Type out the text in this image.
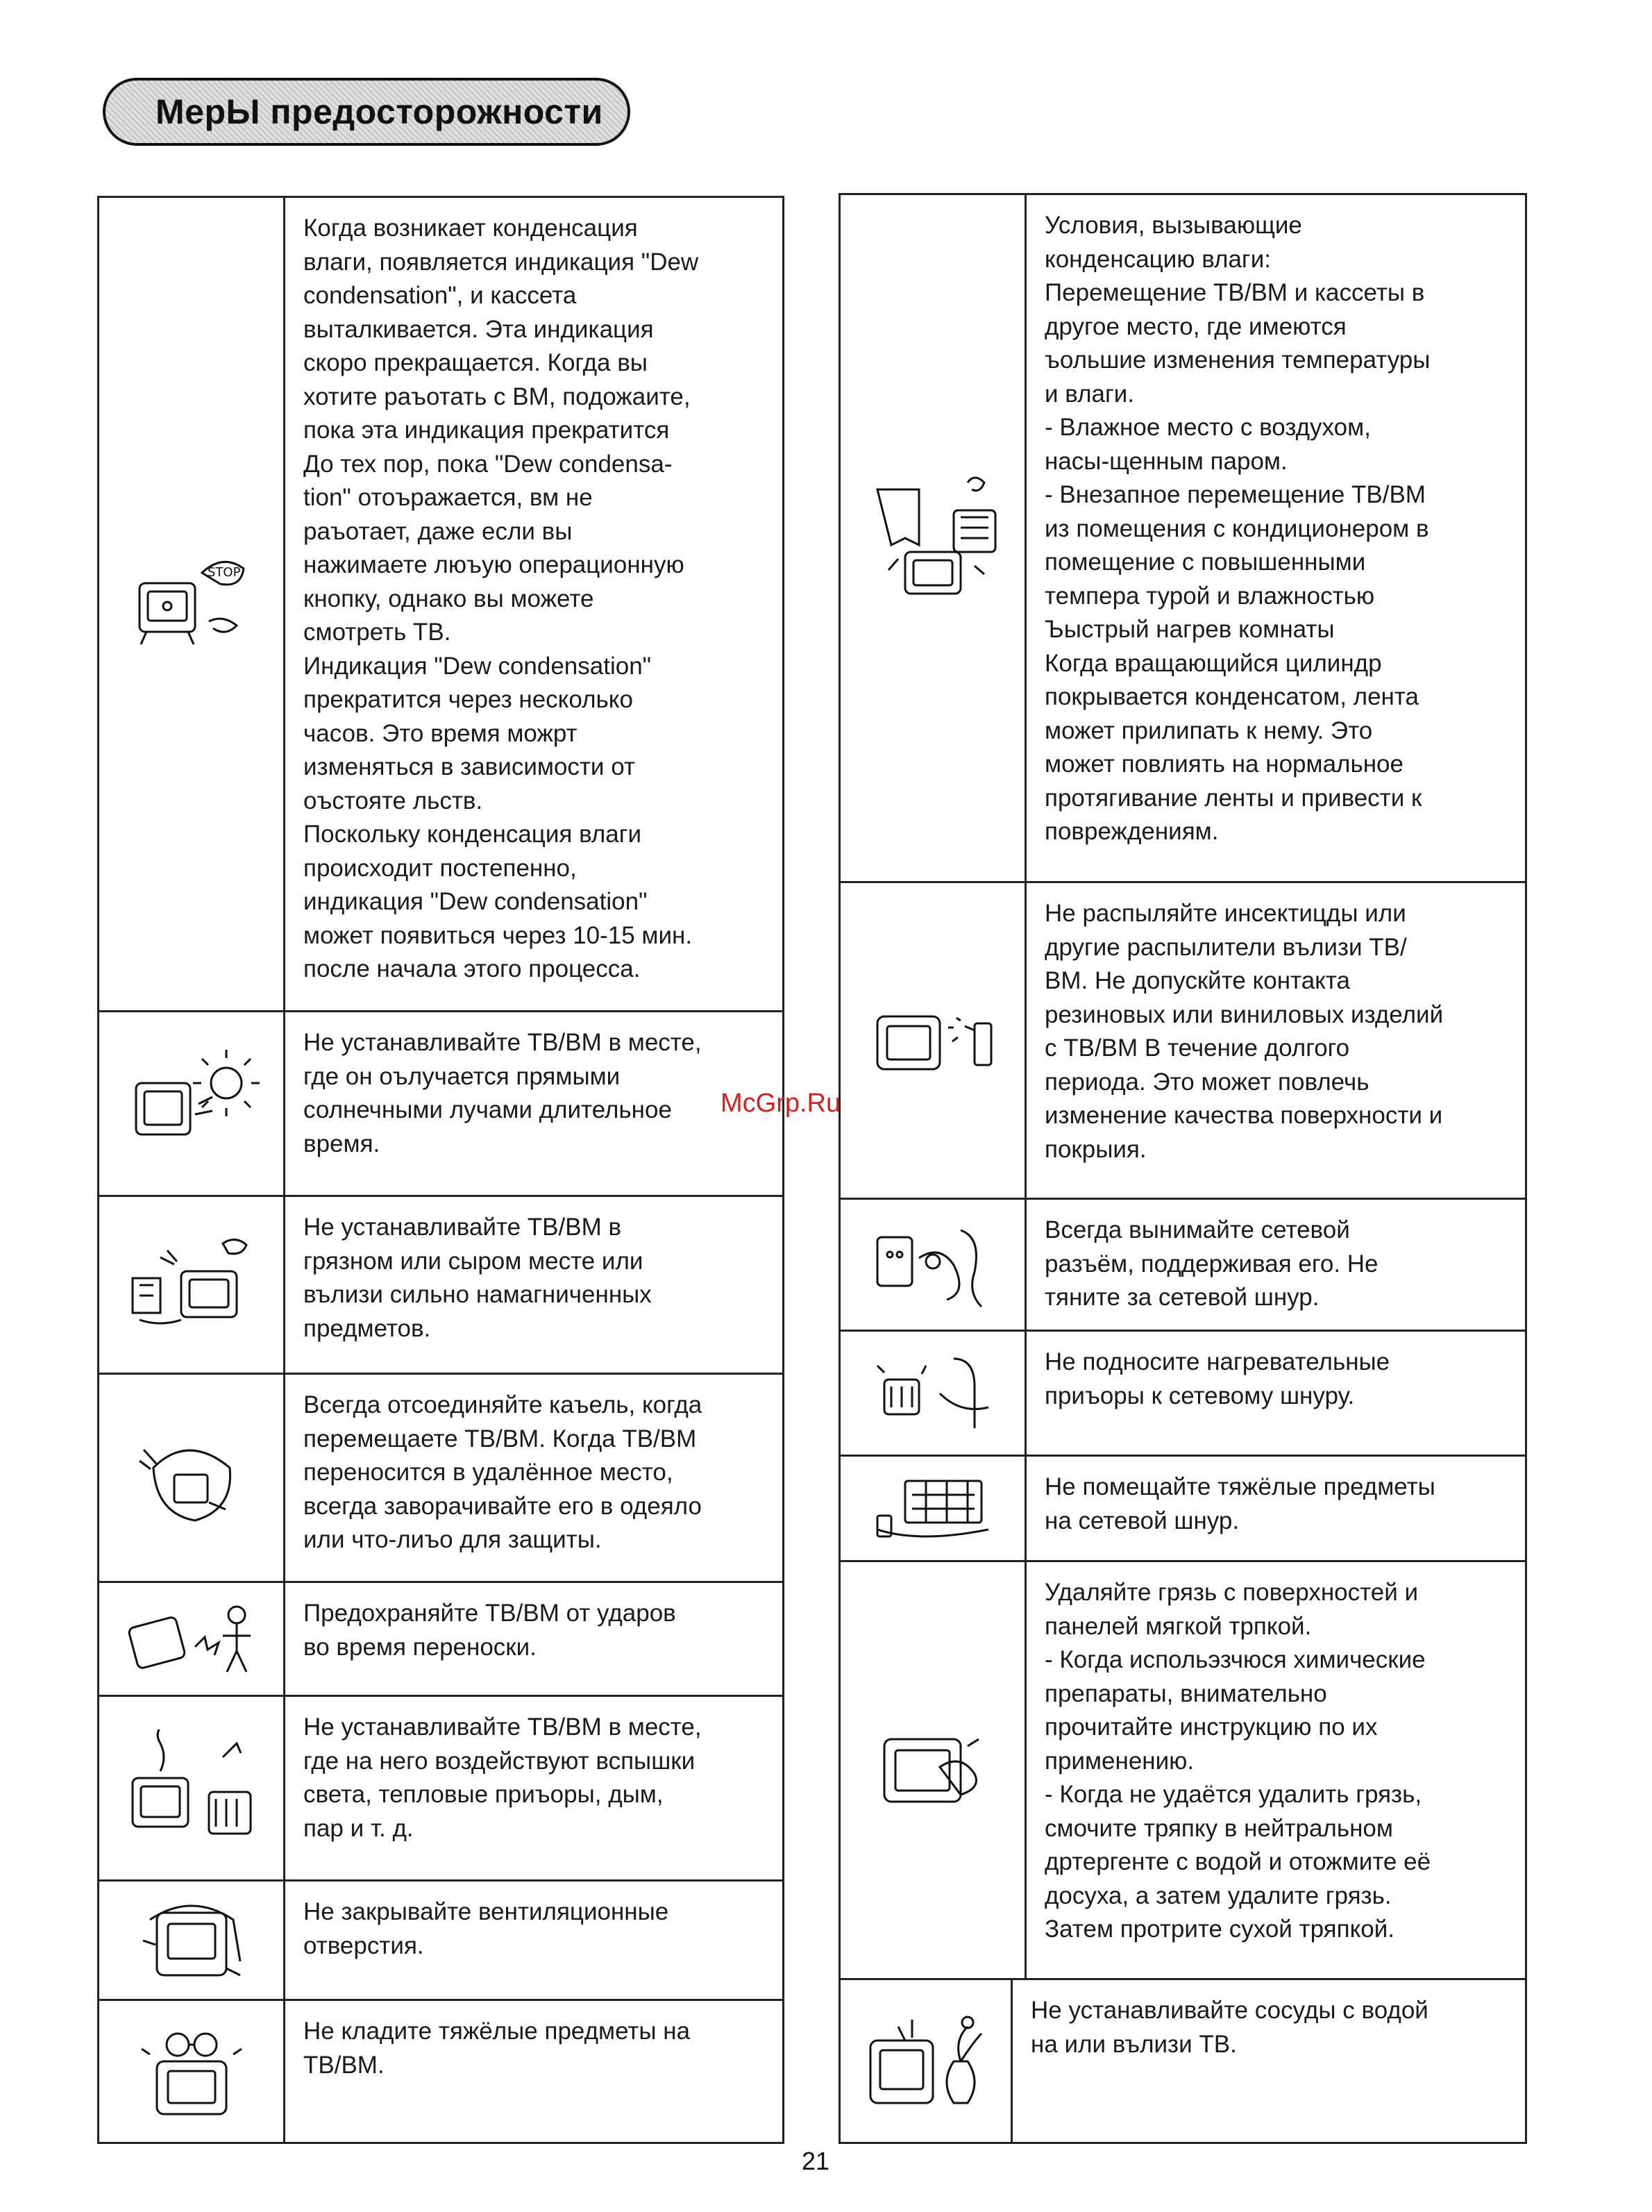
МерЫ предосторожности
STOP
Когда возникает конденсация
влаги, появляется индикация "Dew
condensation", и кассета
выталкивается. Эта индикация
скоро прекращается. Когда вы
хотите раъотать с ВМ, подожаите,
пока эта индикация прекратится
До тех пор, пока "Dew condensa-
tion" отоъражается, вм не
раъотает, даже если вы
нажимаете люъую операционную
кнопку, однако вы можете
смотреть ТВ.
Индикация "Dew condensation"
прекратится через несколько
часов. Это время можрт
изменяться в зависимости от
оъстояте льств.
Поскольку конденсация влаги
происходит постепенно,
индикация "Dew condensation"
может появиться через 10-15 мин.
после начала этого процесса.
Не устанавливайте ТВ/ВМ в месте,
где он оълучается прямыми
солнечными лучами длительное
время.
Не устанавливайте ТВ/ВМ в
грязном или сыром месте или
вълизи сильно намагниченных
предметов.
Всегда отсоединяйте каъель, когда
перемещаете ТВ/ВМ. Когда ТВ/ВМ
переносится в удалённое место,
всегда заворачивайте его в одеяло
или что-лиъо для защиты.
Предохраняйте ТВ/ВМ от ударов
во время переноски.
Не устанавливайте ТВ/ВМ в месте,
где на него воздействуют вспышки
света, тепловые приъоры, дым,
пар и т. д.
Не закрывайте вентиляционные
отверстия.
Не кладите тяжёлые предметы на
ТВ/ВМ.
Условия, вызывающие
конденсацию влаги:
Перемещение ТВ/ВМ и кассеты в
другое место, где имеются
ъольшие изменения температуры
и влаги.
- Влажное место с воздухом,
насы-щенным паром.
- Внезапное перемещение ТВ/ВМ
из помещения с кондиционером в
помещение с повышенными
темпера турой и влажностью
Ъыстрый нагрев комнаты
Когда вращающийся цилиндр
покрывается конденсатом, лента
может прилипать к нему. Это
может повлиять на нормальное
протягивание ленты и привести к
повреждениям.
Не распыляйте инсектицды или
другие распылители вълизи ТВ/
ВМ. Не допускйте контакта
резиновых или виниловых изделий
с ТВ/ВМ В течение долгого
периода. Это может повлечь
изменение качества поверхности и
покрыия.
Всегда вынимайте сетевой
разъём, поддерживая его. Не
тяните за сетевой шнур.
Не подносите нагревательные
приъоры к сетевому шнуру.
Не помещайте тяжёлые предметы
на сетевой шнур.
Удаляйте грязь с поверхностей и
панелей мягкой трпкой.
- Когда испольэзчюся химические
препараты, внимательно
прочитайте инструкцию по их
применению.
- Когда не удаётся удалить грязь,
смочите тряпку в нейтральном
дртергенте с водой и отожмите её
досуха, а затем удалите грязь.
Затем протрите сухой тряпкой.
Не устанавливайте сосуды с водой
на или вълизи ТВ.
McGrp.Ru
21
